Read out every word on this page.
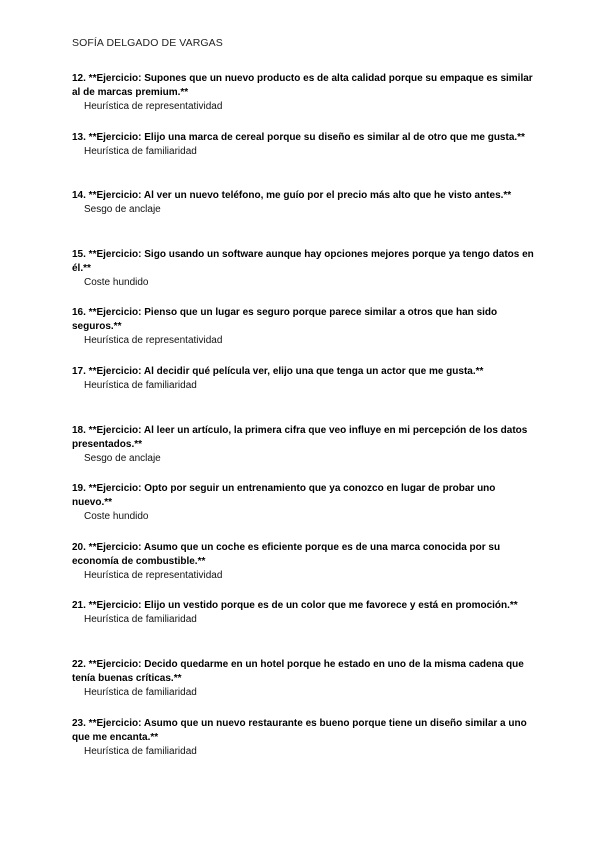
SOFÍA DELGADO DE VARGAS

12. **Ejercicio: Supones que un nuevo producto es de alta calidad porque su empaque es similar al de marcas premium.**

Heurística de representatividad

13. **Ejercicio: Elijo una marca de cereal porque su diseño es similar al de otro que me gusta.**

Heurística de familiaridad

14. **Ejercicio: Al ver un nuevo teléfono, me guío por el precio más alto que he visto antes.**

Sesgo de anclaje

15. **Ejercicio: Sigo usando un software aunque hay opciones mejores porque ya tengo datos en él.**

Coste hundido

16. **Ejercicio: Pienso que un lugar es seguro porque parece similar a otros que han sido seguros.**

Heurística de representatividad

17. **Ejercicio: Al decidir qué película ver, elijo una que tenga un actor que me gusta.**

Heurística de familiaridad

18. **Ejercicio: Al leer un artículo, la primera cifra que veo influye en mi percepción de los datos presentados.**

Sesgo de anclaje

19. **Ejercicio: Opto por seguir un entrenamiento que ya conozco en lugar de probar uno nuevo.**

Coste hundido

20. **Ejercicio: Asumo que un coche es eficiente porque es de una marca conocida por su economía de combustible.**

Heurística de representatividad

21. **Ejercicio: Elijo un vestido porque es de un color que me favorece y está en promoción.**

Heurística de familiaridad

22. **Ejercicio: Decido quedarme en un hotel porque he estado en uno de la misma cadena que tenía buenas críticas.**

Heurística de familiaridad

23. **Ejercicio: Asumo que un nuevo restaurante es bueno porque tiene un diseño similar a uno que me encanta.**

Heurística de familiaridad
